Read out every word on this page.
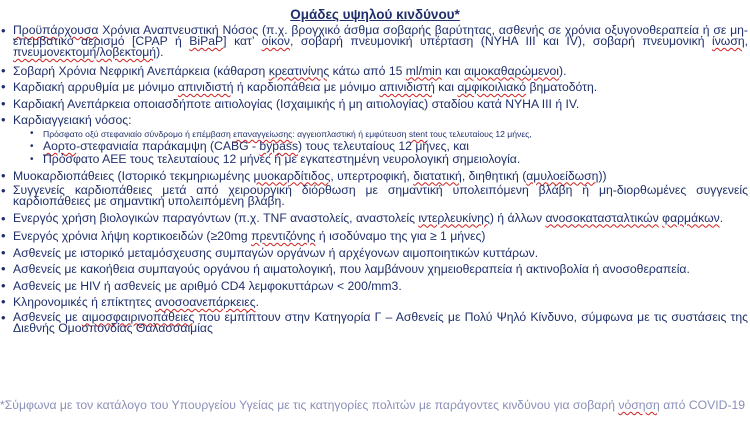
Ομάδες υψηλού κινδύνου*
• Προϋπάρχουσα Χρόνια Αναπνευστική Νόσος (π.χ. βρογχικό άσθμα σοβαρής βαρύτητας, ασθενής σε χρόνια οξυγονοθεραπεία ή σε μη-επεμβατικό αερισμό [CPAP ή BiPaP] κατ’ οίκον, σοβαρή πνευμονική υπέρταση (NYHA III και IV), σοβαρή πνευμονική ίνωση, πνευμονεκτομή/λοβεκτομή).
• Σοβαρή Χρόνια Νεφρική Ανεπάρκεια (κάθαρση κρεατινίνης κάτω από 15 ml/min και αιμοκαθαρώμενοι).
• Καρδιακή αρρυθμία με μόνιμο απινιδιστή ή καρδιοπάθεια με μόνιμο απινιδιστή και αμφικοιλιακό βηματοδότη.
• Καρδιακή Ανεπάρκεια οποιασδήποτε αιτιολογίας (Ισχαιμικής ή μη αιτιολογίας) σταδίου κατά NYHA III ή IV.
• Καρδιαγγειακή νόσος:
• Πρόσφατο οξύ στεφανιαίο σύνδρομο ή επέμβαση επαναγγείωσης: αγγειοπλαστική ή εμφύτευση stent τους τελευταίους 12 μήνες,
• Αορτο-στεφανιαία παράκαμψη (CABG - bypass) τους τελευταίους 12 μήνες, και
• Πρόσφατο ΑΕΕ τους τελευταίους 12 μήνες ή με εγκατεστημένη νευρολογική σημειολογία.
• Μυοκαρδιοπάθειες (Ιστορικό τεκμηριωμένης μυοκαρδίτιδος, υπερτροφική, διατατική, διηθητική (αμυλοείδωση))
• Συγγενείς καρδιοπάθειες μετά από χειρουργική διόρθωση με σημαντική υπολειπόμενη βλάβη ή μη-διορθωμένες συγγενείς καρδιοπάθειες με σημαντική υπολειπόμενη βλάβη.
• Ενεργός χρήση βιολογικών παραγόντων (π.χ. TNF αναστολείς, αναστολείς ιντερλευκίνης) ή άλλων ανοσοκατασταλτικών φαρμάκων.
• Ενεργός χρόνια λήψη κορτικοειδών (≥20mg πρεντιζόνης ή ισοδύναμο της για ≥ 1 μήνες)
• Ασθενείς με ιστορικό μεταμόσχευσης συμπαγών οργάνων ή αρχέγονων αιμοποιητικών κυττάρων.
• Ασθενείς με κακοήθεια συμπαγούς οργάνου ή αιματολογική, που λαμβάνουν χημειοθεραπεία ή ακτινοβολία ή ανοσοθεραπεία.
• Ασθενείς με HIV ή ασθενείς με αριθμό CD4 λεμφοκυττάρων < 200/mm3.
• Κληρονομικές ή επίκτητες ανοσοανεπάρκειες.
• Ασθενείς με αιμοσφαιρινοπάθειες που εμπίπτουν στην Κατηγορία Γ – Ασθενείς με Πολύ Ψηλό Κίνδυνο, σύμφωνα με τις συστάσεις της Διεθνής Ομοσπονδίας Θαλασσαιμίας
*Σύμφωνα με τον κατάλογο του Υπουργείου Υγείας με τις κατηγορίες πολιτών με παράγοντες κινδύνου για σοβαρή νόσηση από COVID-19
